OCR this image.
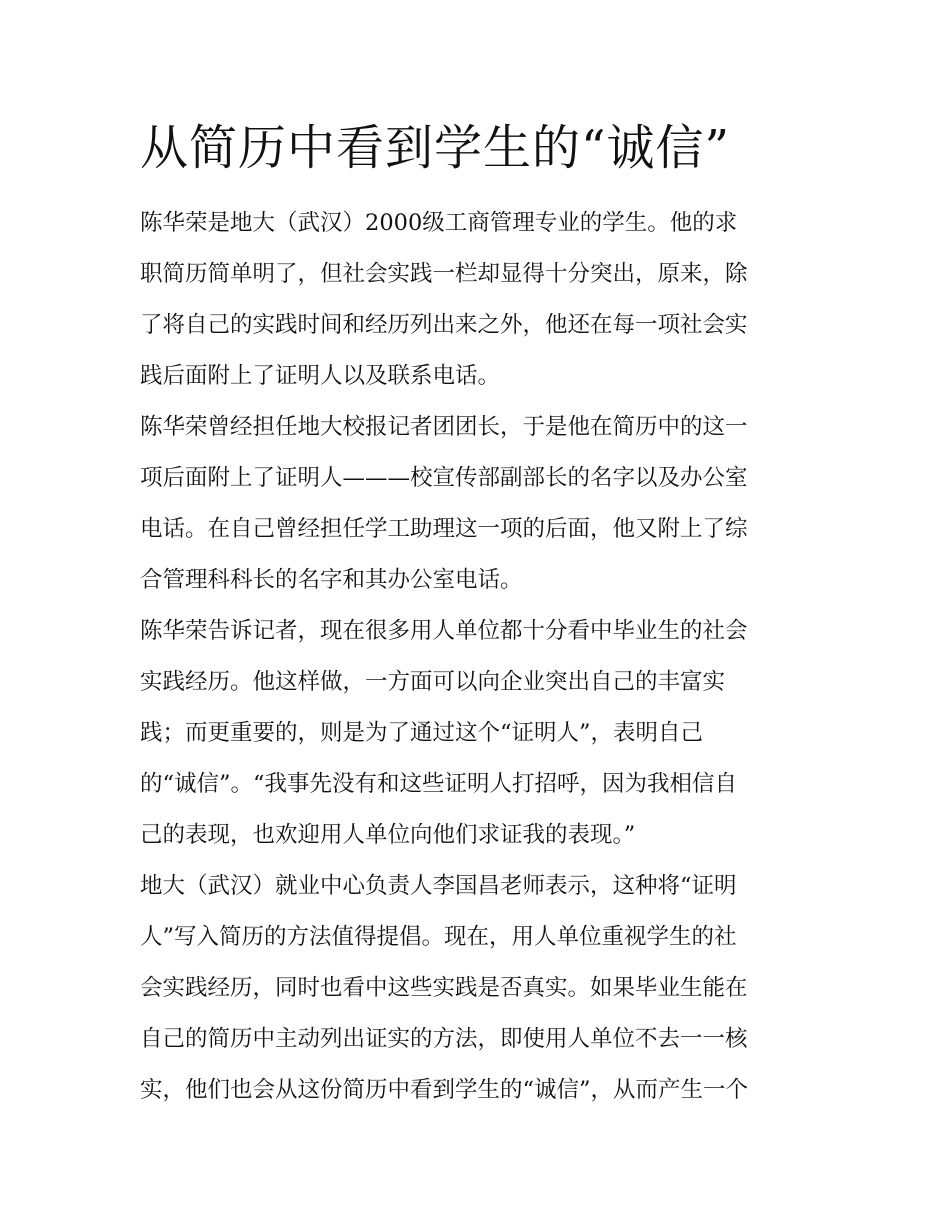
从简历中看到学生的“诚信”

陈华荣是地大（武汉）2000级工商管理专业的学生。他的求

职简历简单明了，但社会实践一栏却显得十分突出，原来，除

了将自己的实践时间和经历列出来之外，他还在每一项社会实

践后面附上了证明人以及联系电话。

陈华荣曾经担任地大校报记者团团长，于是他在简历中的这一

项后面附上了证明人———校宣传部副部长的名字以及办公室

电话。在自己曾经担任学工助理这一项的后面，他又附上了综

合管理科科长的名字和其办公室电话。

陈华荣告诉记者，现在很多用人单位都十分看中毕业生的社会

实践经历。他这样做，一方面可以向企业突出自己的丰富实

践；而更重要的，则是为了通过这个“证明人”，表明自己

的“诚信”。“我事先没有和这些证明人打招呼，因为我相信自

己的表现，也欢迎用人单位向他们求证我的表现。”

地大（武汉）就业中心负责人李国昌老师表示，这种将“证明

人”写入简历的方法值得提倡。现在，用人单位重视学生的社

会实践经历，同时也看中这些实践是否真实。如果毕业生能在

自己的简历中主动列出证实的方法，即使用人单位不去一一核

实，他们也会从这份简历中看到学生的“诚信”，从而产生一个
